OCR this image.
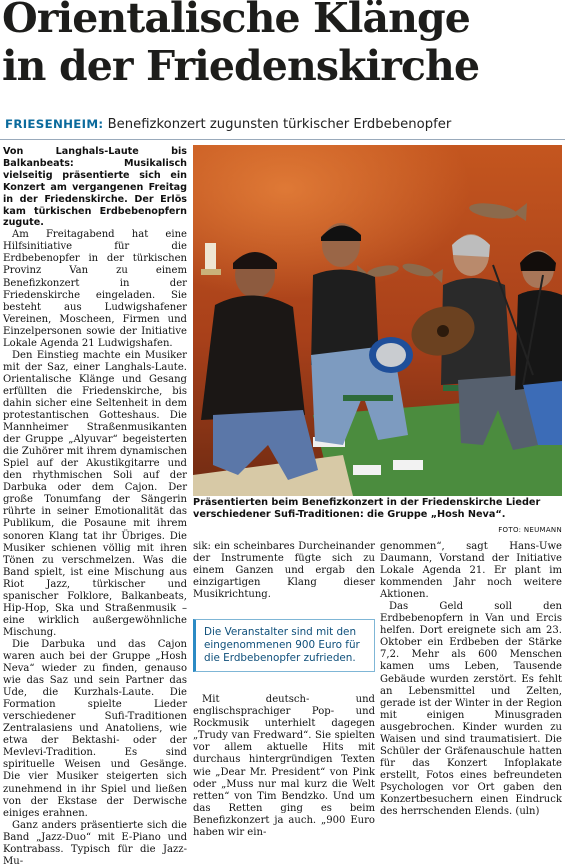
Orientalische Klänge
in der Friedenskirche
FRIESENHEIM: Benefizkonzert zugunsten türkischer Erdbebenopfer

Von Langhals-Laute bis Balkanbeats: Musikalisch vielseitig präsentierte sich ein Konzert am vergangenen Freitag in der Friedenskirche. Der Erlös kam türkischen Erdbebenopfern zugute.

Am Freitagabend hat eine Hilfsinitiative für die Erdbebenopfer in der türkischen Provinz Van zu einem Benefizkonzert in der Friedenskirche eingeladen. Sie besteht aus Ludwigshafener Vereinen, Moscheen, Firmen und Einzelpersonen sowie der Initiative Lokale Agenda 21 Ludwigshafen.

Den Einstieg machte ein Musiker mit der Saz, einer Langhals-Laute. Orientalische Klänge und Gesang erfüllten die Friedenskirche, bis dahin sicher eine Seltenheit in dem protestantischen Gotteshaus. Die Mannheimer Straßenmusikanten der Gruppe „Alyuvar“ begeisterten die Zuhörer mit ihrem dynamischen Spiel auf der Akustikgitarre und den rhythmischen Soli auf der Darbuka oder dem Cajon. Der große Tonumfang der Sängerin rührte in seiner Emotionalität das Publikum, die Posaune mit ihrem sonoren Klang tat ihr Übriges. Die Musiker schienen völlig mit ihren Tönen zu verschmelzen. Was die Band spielt, ist eine Mischung aus Riot Jazz, türkischer und spanischer Folklore, Balkanbeats, Hip-Hop, Ska und Straßenmusik – eine wirklich außergewöhnliche Mischung.

Die Darbuka und das Cajon waren auch bei der Gruppe „Hosh Neva“ wieder zu finden, genauso wie das Saz und sein Partner das Ude, die Kurzhals-Laute. Die Formation spielte Lieder verschiedener Sufi-Traditionen Zentralasiens und Anatoliens, wie etwa der Bektashi- oder der Mevlevi-Tradition. Es sind spirituelle Weisen und Gesänge. Die vier Musiker steigerten sich zunehmend in ihr Spiel und ließen von der Ekstase der Derwische einiges erahnen.

Ganz anders präsentierte sich die Band „Jazz-Duo“ mit E-Piano und Kontrabass. Typisch für die Jazz-Mu-

Präsentierten beim Benefizkonzert in der Friedenskirche Lieder verschiedener Sufi-Traditionen: die Gruppe „Hosh Neva“.
FOTO: NEUMANN

sik: ein scheinbares Durcheinander der Instrumente fügte sich zu einem Ganzen und ergab den einzigartigen Klang dieser Musikrichtung.

Die Veranstalter sind mit den eingenommenen 900 Euro für die Erdbebenopfer zufrieden.

Mit deutsch- und englischsprachiger Pop- und Rockmusik unterhielt dagegen „Trudy van Fredward“. Sie spielten vor allem aktuelle Hits mit durchaus hintergründigen Texten wie „Dear Mr. President“ von Pink oder „Muss nur mal kurz die Welt retten“ von Tim Bendzko. Und um das Retten ging es beim Benefizkonzert ja auch. „900 Euro haben wir ein-

genommen“, sagt Hans-Uwe Daumann, Vorstand der Initiative Lokale Agenda 21. Er plant im kommenden Jahr noch weitere Aktionen.

Das Geld soll den Erdbebenopfern in Van und Ercis helfen. Dort ereignete sich am 23. Oktober ein Erdbeben der Stärke 7,2. Mehr als 600 Menschen kamen ums Leben, Tausende Gebäude wurden zerstört. Es fehlt an Lebensmittel und Zelten, gerade ist der Winter in der Region mit einigen Minusgraden ausgebrochen. Kinder wurden zu Waisen und sind traumatisiert. Die Schüler der Gräfenauschule hatten für das Konzert Infoplakate erstellt, Fotos eines befreundeten Psychologen vor Ort gaben den Konzertbesuchern einen Eindruck des herrschenden Elends. (uln)
